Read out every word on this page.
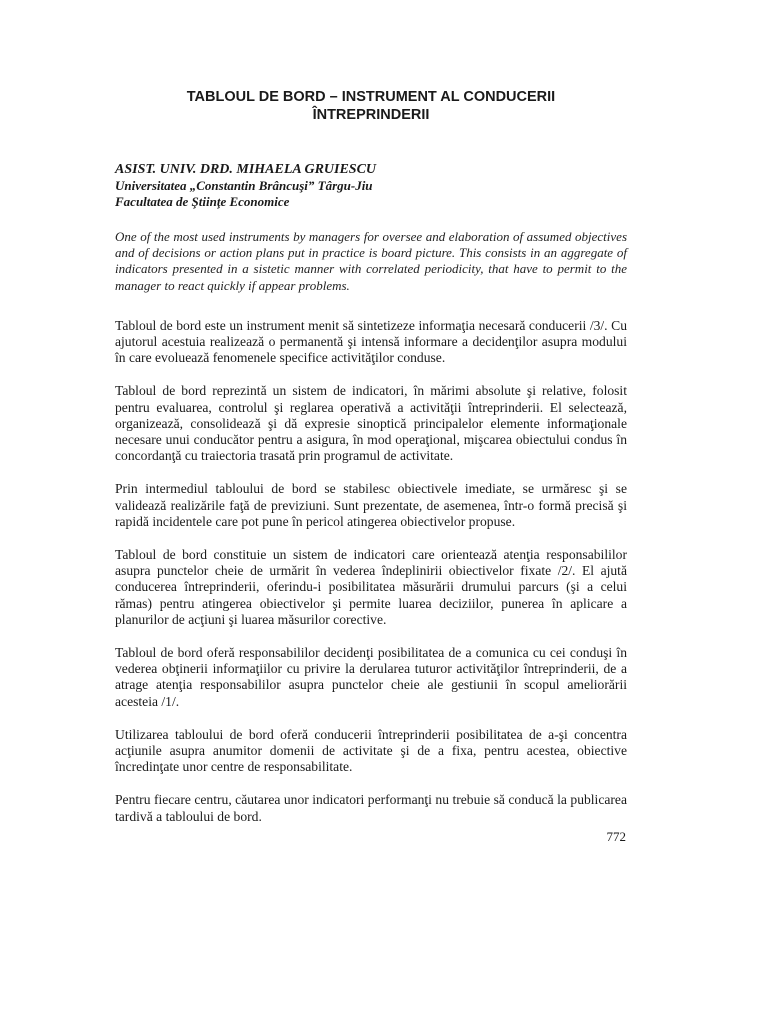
TABLOUL DE BORD – INSTRUMENT AL CONDUCERII
ÎNTREPRINDERII
ASIST. UNIV. DRD. MIHAELA GRUIESCU
Universitatea „Constantin Brâncuşi” Târgu-Jiu
Facultatea de Ştiinţe Economice

One of the most used instruments by managers for oversee and elaboration of assumed objectives and of decisions or action plans put in practice is board picture. This consists in an aggregate of indicators presented in a sistetic manner with correlated periodicity, that have to permit to the manager to react quickly if appear problems.

Tabloul de bord este un instrument menit să sintetizeze informaţia necesară conducerii /3/. Cu ajutorul acestuia realizează o permanentă şi intensă informare a decidenţilor asupra modului în care evoluează fenomenele specifice activităţilor conduse.

Tabloul de bord reprezintă un sistem de indicatori, în mărimi absolute şi relative, folosit pentru evaluarea, controlul şi reglarea operativă a activităţii întreprinderii. El selectează, organizează, consolidează şi dă expresie sinoptică principalelor elemente informaţionale necesare unui conducător pentru a asigura, în mod operaţional, mişcarea obiectului condus în concordanţă cu traiectoria trasată prin programul de activitate.

Prin intermediul tabloului de bord se stabilesc obiectivele imediate, se urmăresc şi se validează realizările faţă de previziuni. Sunt prezentate, de asemenea, într-o formă precisă şi rapidă incidentele care pot pune în pericol atingerea obiectivelor propuse.

Tabloul de bord constituie un sistem de indicatori care orientează atenţia responsabililor asupra punctelor cheie de urmărit în vederea îndeplinirii obiectivelor fixate /2/. El ajută conducerea întreprinderii, oferindu-i posibilitatea măsurării drumului parcurs (şi a celui rămas) pentru atingerea obiectivelor şi permite luarea deciziilor, punerea în aplicare a planurilor de acţiuni şi luarea măsurilor corective.

Tabloul de bord oferă responsabililor decidenţi posibilitatea de a comunica cu cei conduşi în vederea obţinerii informaţiilor cu privire la derularea tuturor activităţilor întreprinderii, de a atrage atenţia responsabililor asupra punctelor cheie ale gestiunii în scopul ameliorării acesteia /1/.

Utilizarea tabloului de bord oferă conducerii întreprinderii posibilitatea de a-şi concentra acţiunile asupra anumitor domenii de activitate şi de a fixa, pentru acestea, obiective încredinţate unor centre de responsabilitate.

Pentru fiecare centru, căutarea unor indicatori performanţi nu trebuie să conducă la publicarea tardivă a tabloului de bord.

772
